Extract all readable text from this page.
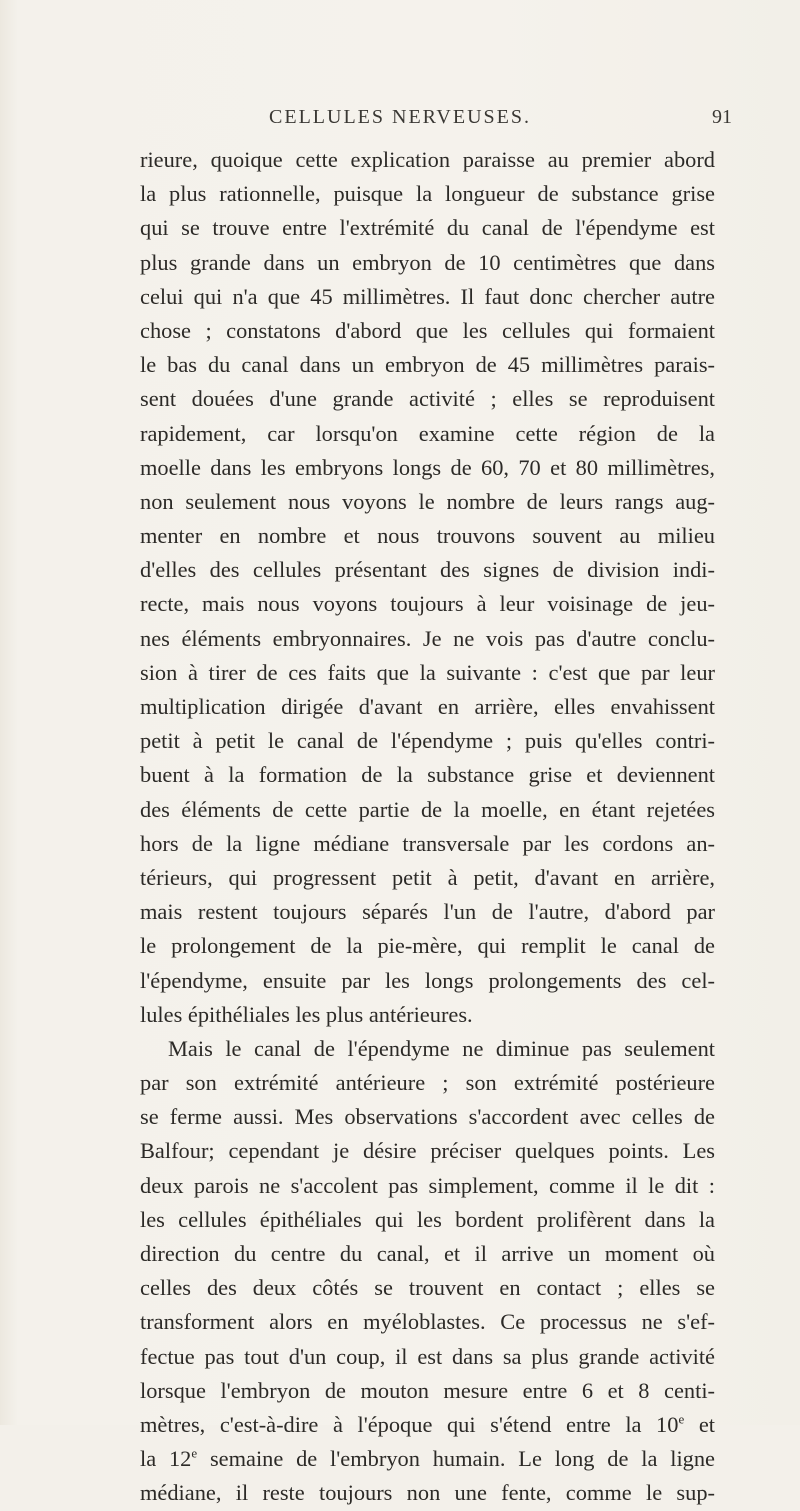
CELLULES NERVEUSES.	91
rieure, quoique cette explication paraisse au premier abord
la plus rationnelle, puisque la longueur de substance grise
qui se trouve entre l'extrémité du canal de l'épendyme est
plus grande dans un embryon de 10 centimètres que dans
celui qui n'a que 45 millimètres. Il faut donc chercher autre
chose ; constatons d'abord que les cellules qui formaient
le bas du canal dans un embryon de 45 millimètres parais-
sent douées d'une grande activité ; elles se reproduisent
rapidement, car lorsqu'on examine cette région de la
moelle dans les embryons longs de 60, 70 et 80 millimètres,
non seulement nous voyons le nombre de leurs rangs aug-
menter en nombre et nous trouvons souvent au milieu
d'elles des cellules présentant des signes de division indi-
recte, mais nous voyons toujours à leur voisinage de jeu-
nes éléments embryonnaires. Je ne vois pas d'autre conclu-
sion à tirer de ces faits que la suivante : c'est que par leur
multiplication dirigée d'avant en arrière, elles envahissent
petit à petit le canal de l'épendyme ; puis qu'elles contri-
buent à la formation de la substance grise et deviennent
des éléments de cette partie de la moelle, en étant rejetées
hors de la ligne médiane transversale par les cordons an-
térieurs, qui progressent petit à petit, d'avant en arrière,
mais restent toujours séparés l'un de l'autre, d'abord par
le prolongement de la pie-mère, qui remplit le canal de
l'épendyme, ensuite par les longs prolongements des cel-
lules épithéliales les plus antérieures.
Mais le canal de l'épendyme ne diminue pas seulement
par son extrémité antérieure ; son extrémité postérieure
se ferme aussi. Mes observations s'accordent avec celles de
Balfour; cependant je désire préciser quelques points. Les
deux parois ne s'accolent pas simplement, comme il le dit :
les cellules épithéliales qui les bordent prolifèrent dans la
direction du centre du canal, et il arrive un moment où
celles des deux côtés se trouvent en contact ; elles se
transforment alors en myéloblastes. Ce processus ne s'ef-
fectue pas tout d'un coup, il est dans sa plus grande activité
lorsque l'embryon de mouton mesure entre 6 et 8 centi-
mètres, c'est-à-dire à l'époque qui s'étend entre la 10e et
la 12e semaine de l'embryon humain. Le long de la ligne
médiane, il reste toujours non une fente, comme le sup-
